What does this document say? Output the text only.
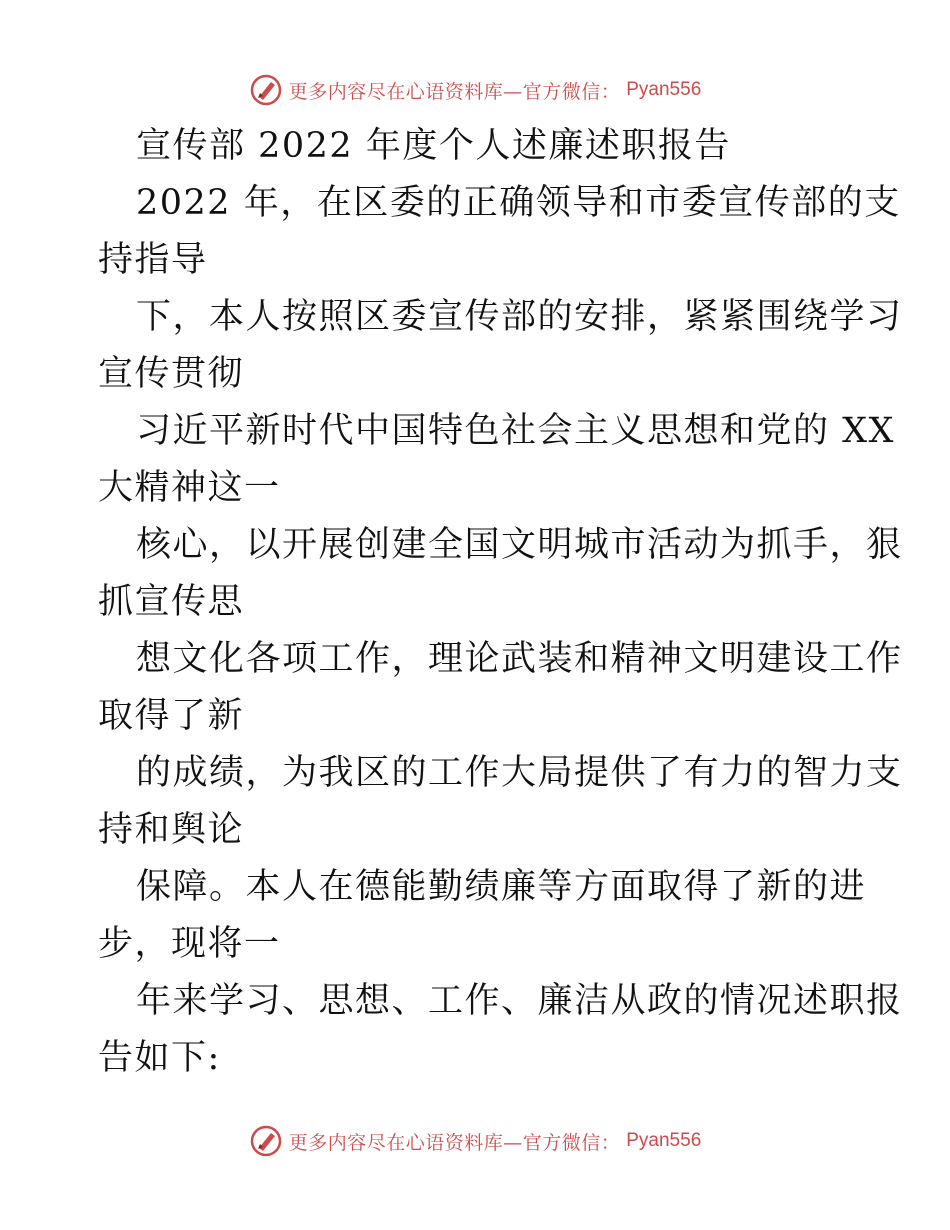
更多内容尽在心语资料库—官方微信： Pyan556
宣传部 2022 年度个人述廉述职报告
2022 年，在区委的正确领导和市委宣传部的支
持指导
下，本人按照区委宣传部的安排，紧紧围绕学习
宣传贯彻
习近平新时代中国特色社会主义思想和党的 XX
大精神这一
核心，以开展创建全国文明城市活动为抓手，狠
抓宣传思
想文化各项工作，理论武装和精神文明建设工作
取得了新
的成绩，为我区的工作大局提供了有力的智力支
持和舆论
保障。本人在德能勤绩廉等方面取得了新的进
步，现将一
年来学习、思想、工作、廉洁从政的情况述职报
告如下:
更多内容尽在心语资料库—官方微信： Pyan556
